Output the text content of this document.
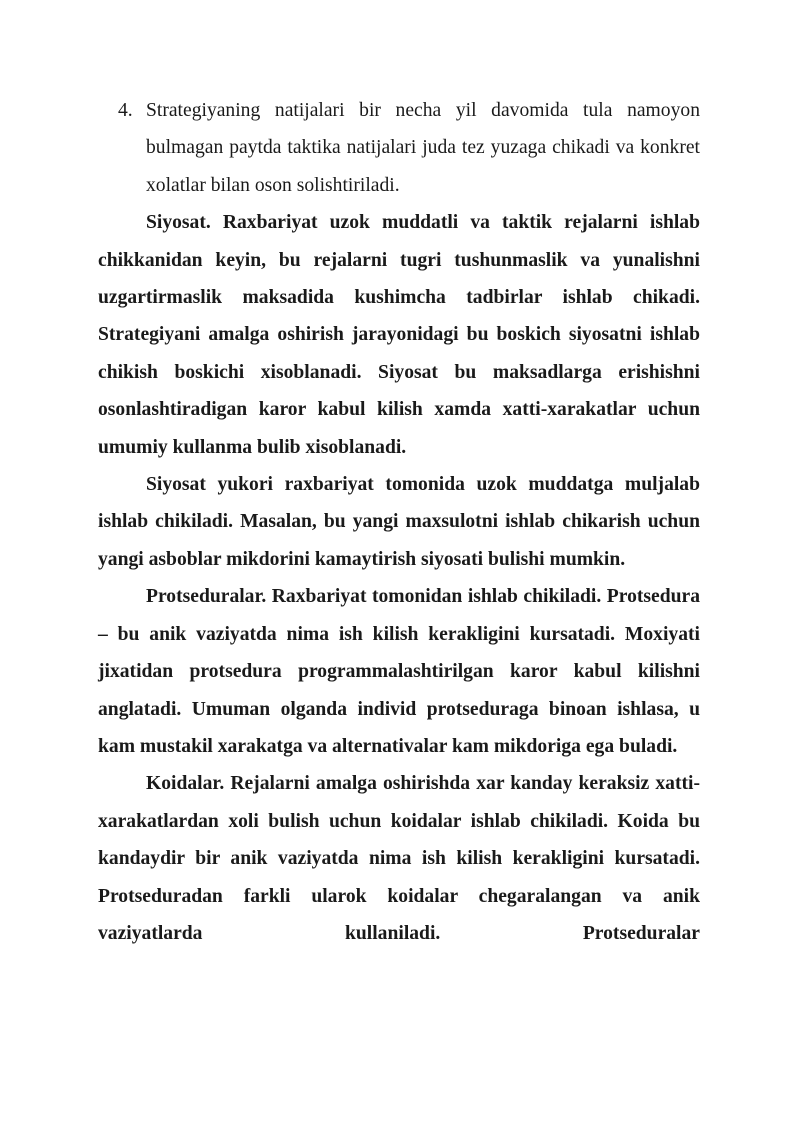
4. Strategiyaning natijalari bir necha yil davomida tula namoyon bulmagan paytda taktika natijalari juda tez yuzaga chikadi va konkret xolatlar bilan oson solishtiriladi.

Siyosat. Raxbariyat uzok muddatli va taktik rejalarni ishlab chikkanidan keyin, bu rejalarni tugri tushunmaslik va yunalishni uzgartirmaslik maksadida kushimcha tadbirlar ishlab chikadi. Strategiyani amalga oshirish jarayonidagi bu boskich siyosatni ishlab chikish boskichi xisoblanadi. Siyosat bu maksadlarga erishishni osonlashtiradigan karor kabul kilish xamda xatti-xarakatlar uchun umumiy kullanma bulib xisoblanadi.

Siyosat yukori raxbariyat tomonida uzok muddatga muljalab ishlab chikiladi. Masalan, bu yangi maxsulotni ishlab chikarish uchun yangi asboblar mikdorini kamaytirish siyosati bulishi mumkin.

Protseduralar. Raxbariyat tomonidan ishlab chikiladi. Protsedura – bu anik vaziyatda nima ish kilish kerakligini kursatadi. Moxiyati jixatidan protsedura programmalashtirilgan karor kabul kilishni anglatadi. Umuman olganda individ protseduraga binoan ishlasa, u kam mustakil xarakatga va alternativalar kam mikdoriga ega buladi.

Koidalar. Rejalarni amalga oshirishda xar kanday keraksiz xatti-xarakatlardan xoli bulish uchun koidalar ishlab chikiladi. Koida bu kandaydir bir anik vaziyatda nima ish kilish kerakligini kursatadi. Protseduradan farkli ularok koidalar chegaralangan va anik vaziyatlarda kullaniladi. Protseduralar
